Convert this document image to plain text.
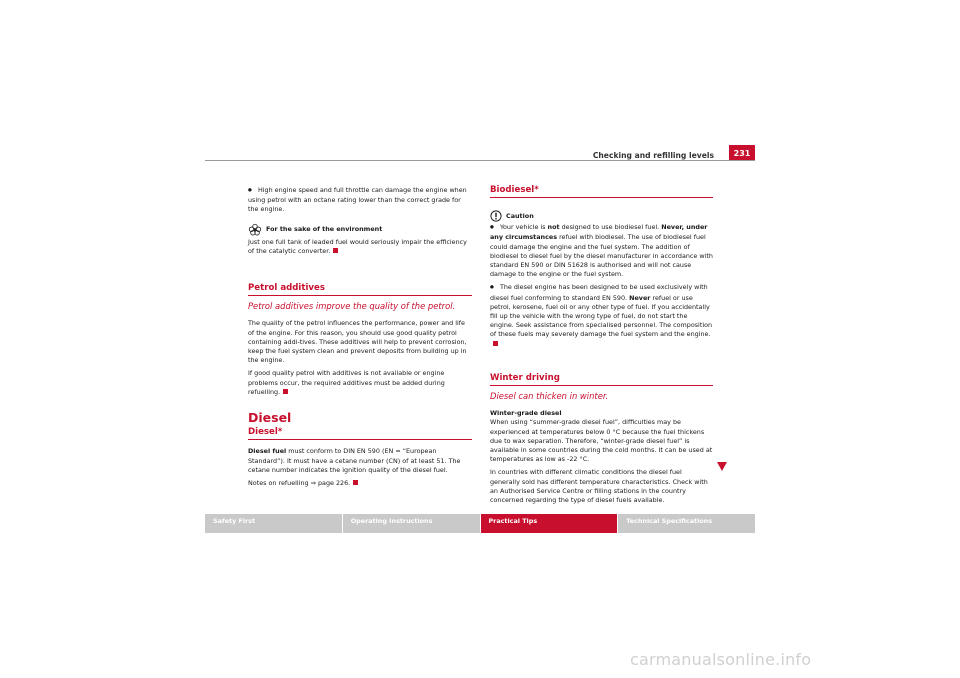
Checking and refilling levels	231

● High engine speed and full throttle can damage the engine when using petrol with an octane rating lower than the correct grade for the engine.

For the sake of the environment

Just one full tank of leaded fuel would seriously impair the efficiency of the catalytic converter.

Petrol additives
Petrol additives improve the quality of the petrol.

The quality of the petrol influences the performance, power and life of the engine. For this reason, you should use good quality petrol containing addi-tives. These additives will help to prevent corrosion, keep the fuel system clean and prevent deposits from building up in the engine.

If good quality petrol with additives is not available or engine problems occur, the required additives must be added during refuelling.

Diesel
Diesel*

Diesel fuel must conform to DIN EN 590 (EN = “European Standard”). It must have a cetane number (CN) of at least 51. The cetane number indicates the ignition quality of the diesel fuel.

Notes on refuelling ⇒ page 226.

Biodiesel*
Caution

● Your vehicle is not designed to use biodiesel fuel. Never, under any circumstances refuel with biodiesel. The use of biodiesel fuel could damage the engine and the fuel system. The addition of biodiesel to diesel fuel by the diesel manufacturer in accordance with standard EN 590 or DIN 51628 is authorised and will not cause damage to the engine or the fuel system.

● The diesel engine has been designed to be used exclusively with diesel fuel conforming to standard EN 590. Never refuel or use petrol, kerosene, fuel oil or any other type of fuel. If you accidentally fill up the vehicle with the wrong type of fuel, do not start the engine. Seek assistance from specialised personnel. The composition of these fuels may severely damage the fuel system and the engine.

Winter driving
Diesel can thicken in winter.

Winter-grade diesel

When using “summer-grade diesel fuel”, difficulties may be experienced at temperatures below 0 °C because the fuel thickens due to wax separation. Therefore, “winter-grade diesel fuel” is available in some countries during the cold months. It can be used at temperatures as low as -22 °C.

In countries with different climatic conditions the diesel fuel generally sold has different temperature characteristics. Check with an Authorised Service Centre or filling stations in the country concerned regarding the type of diesel fuels available.

Safety First	Operating Instructions	Practical Tips	Technical Specifications
carmanualsonline.info
